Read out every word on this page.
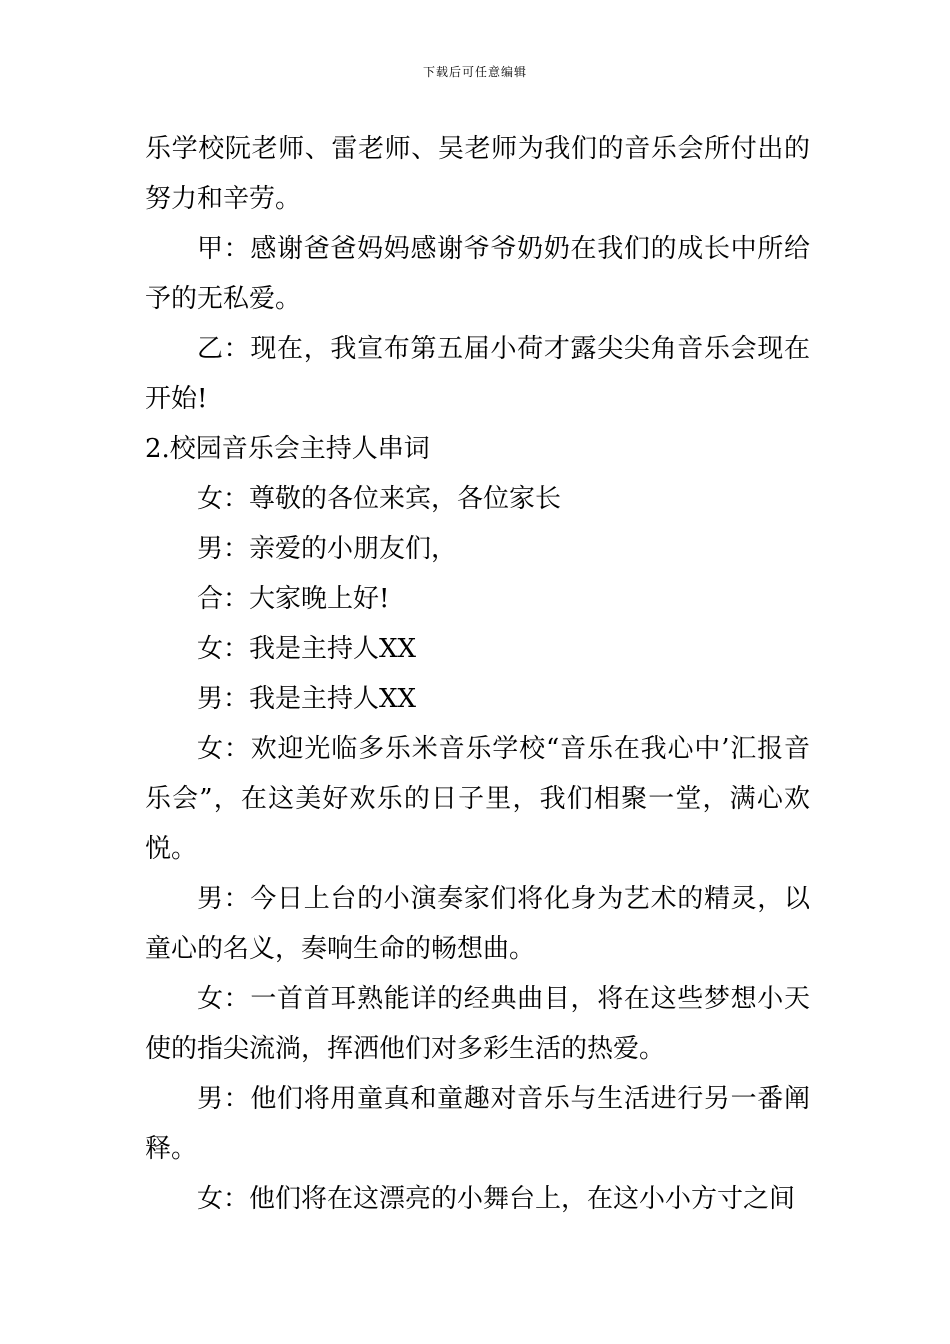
下载后可任意编辑

乐学校阮老师、雷老师、吴老师为我们的音乐会所付出的努力和辛劳。

甲：感谢爸爸妈妈感谢爷爷奶奶在我们的成长中所给予的无私爱。

乙：现在，我宣布第五届小荷才露尖尖角音乐会现在开始!

2.校园音乐会主持人串词

女：尊敬的各位来宾，各位家长

男：亲爱的小朋友们，

合：大家晚上好!

女：我是主持人XX

男：我是主持人XX

女：欢迎光临多乐米音乐学校“音乐在我心中’汇报音乐会”，在这美好欢乐的日子里，我们相聚一堂，满心欢悦。

男：今日上台的小演奏家们将化身为艺术的精灵，以童心的名义，奏响生命的畅想曲。

女：一首首耳熟能详的经典曲目，将在这些梦想小天使的指尖流淌，挥洒他们对多彩生活的热爱。

男：他们将用童真和童趣对音乐与生活进行另一番阐释。

女：他们将在这漂亮的小舞台上，在这小小方寸之间
